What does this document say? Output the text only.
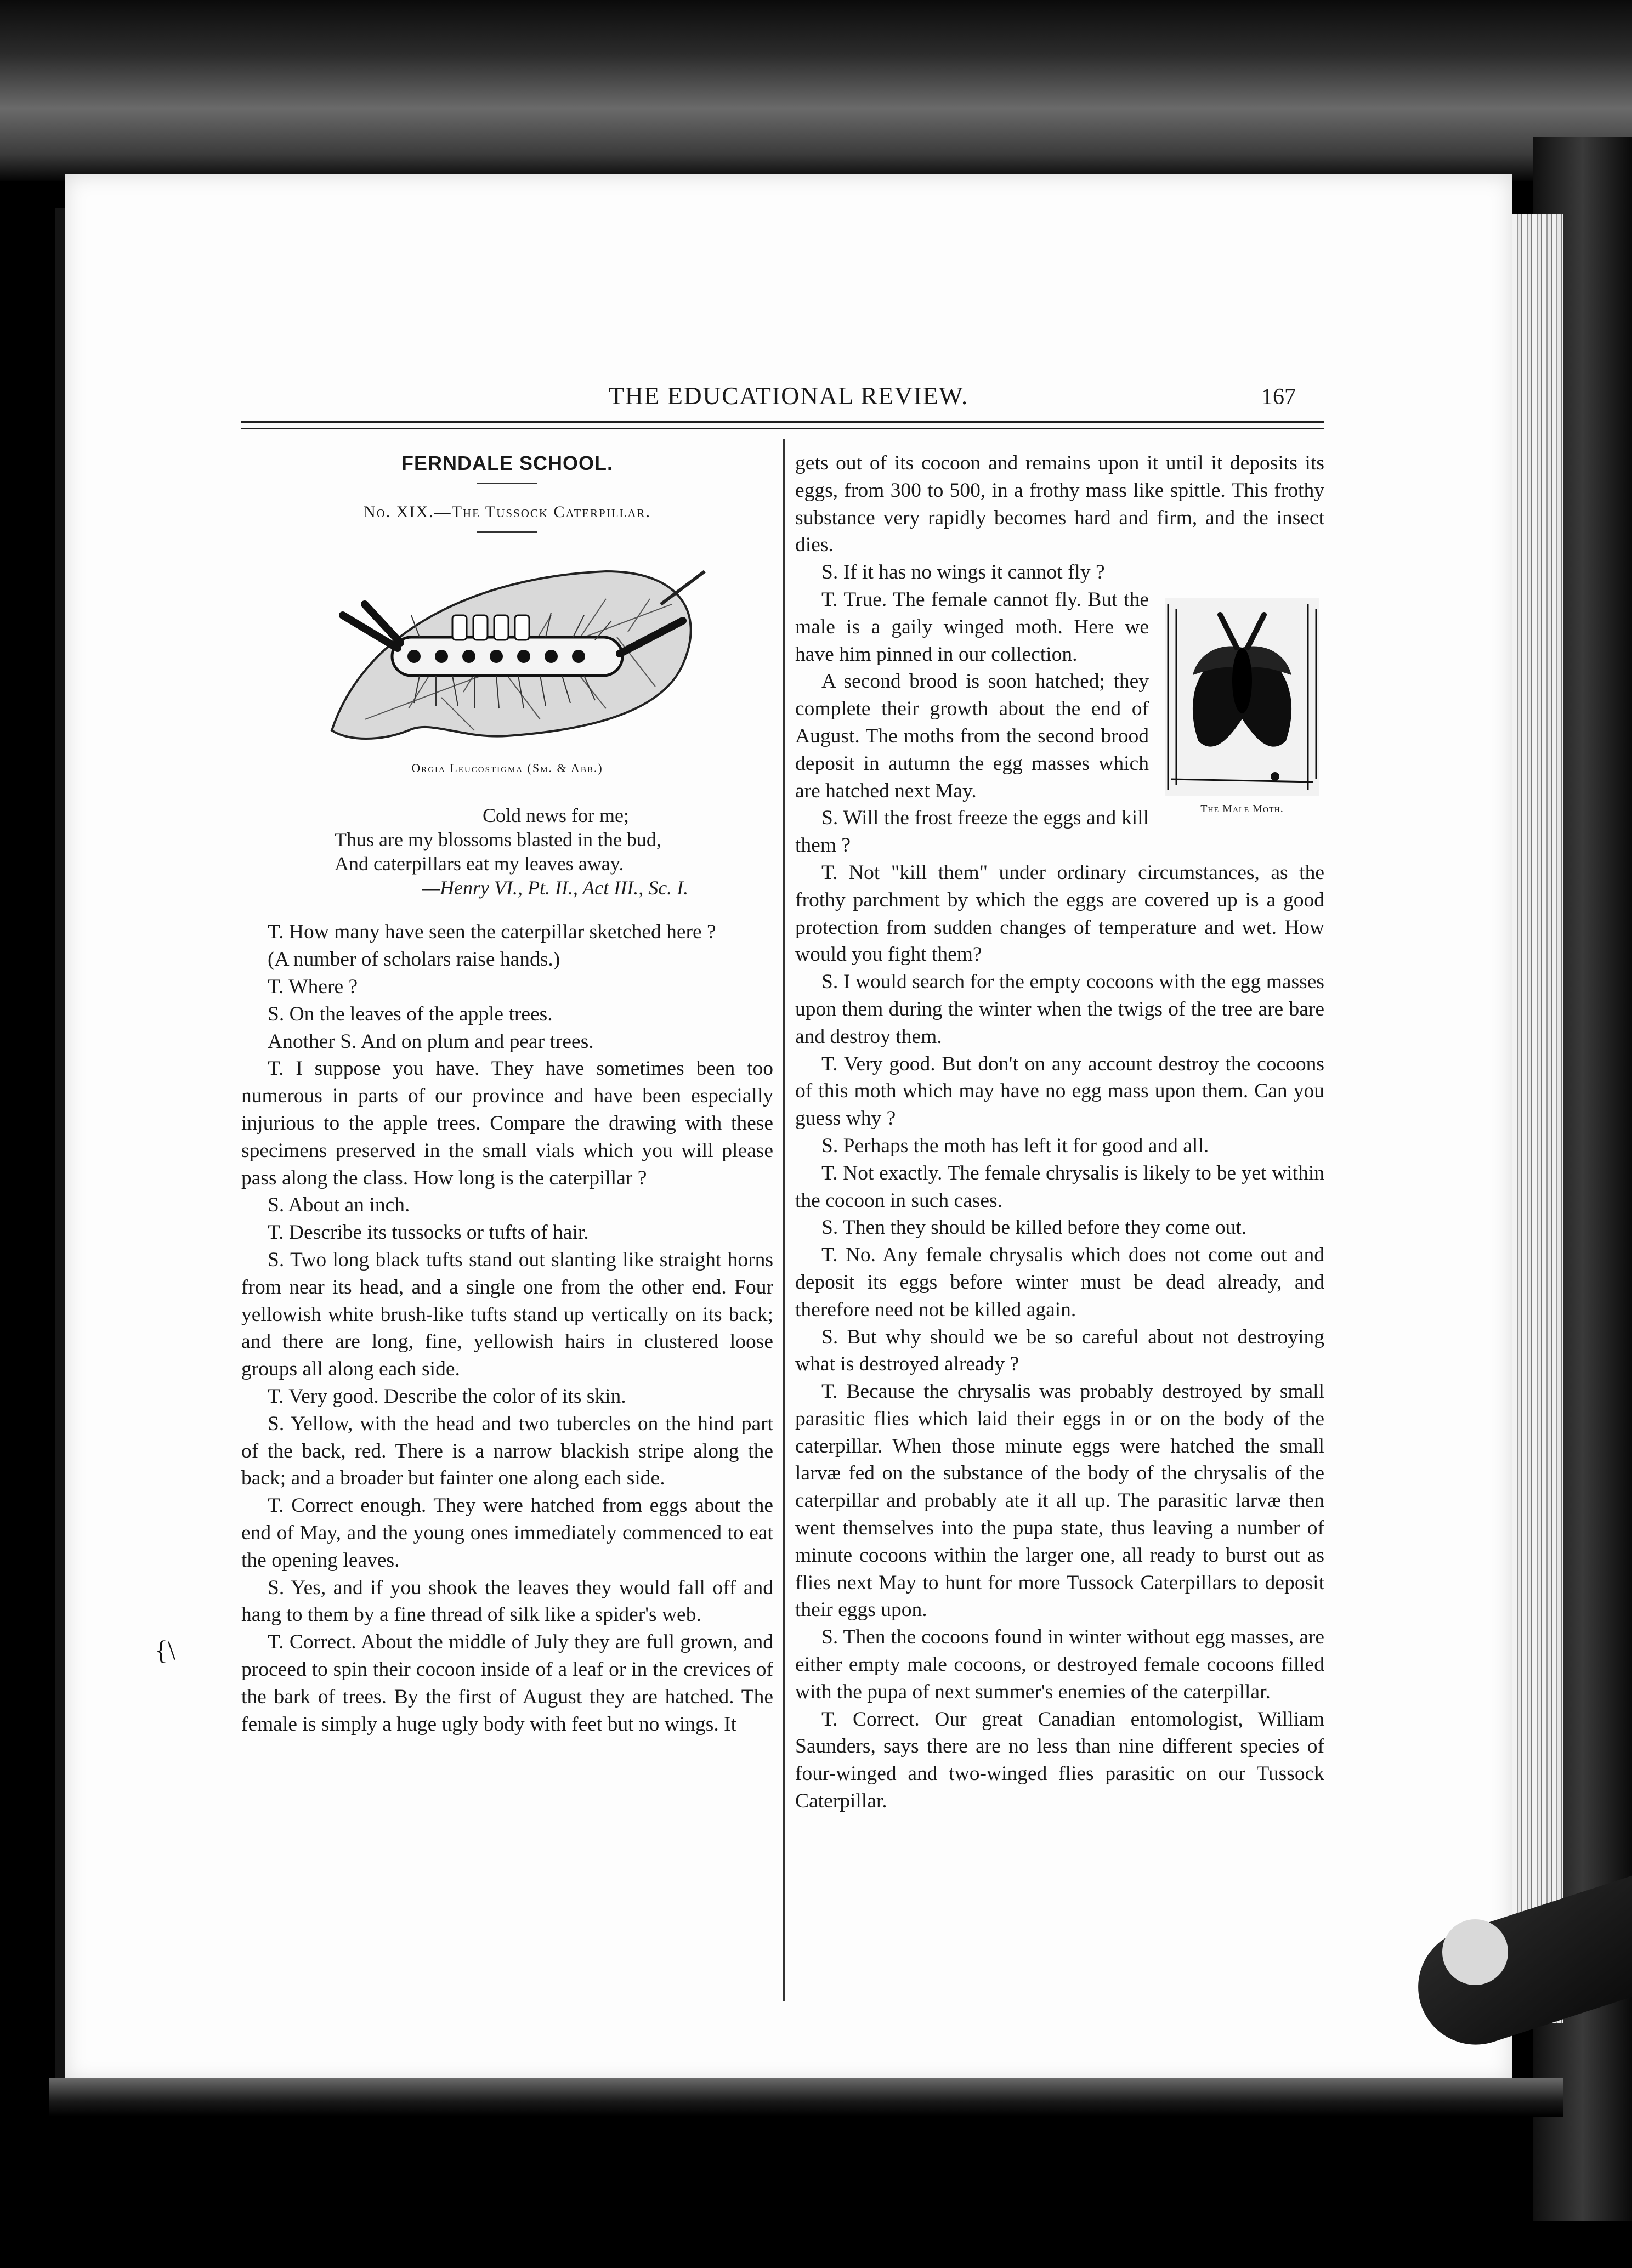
THE EDUCATIONAL REVIEW.	167
{\
FERNDALE SCHOOL.
No. XIX.—The Tussock Caterpillar.
Orgia Leucostigma (Sm. & Abb.)
Cold news for me;
Thus are my blossoms blasted in the bud,
And caterpillars eat my leaves away.
—Henry VI., Pt. II., Act III., Sc. I.

T. How many have seen the caterpillar sketched here ?

(A number of scholars raise hands.)

T. Where ?

S. On the leaves of the apple trees.

Another S. And on plum and pear trees.

T. I suppose you have. They have sometimes been too numerous in parts of our province and have been especially injurious to the apple trees. Compare the drawing with these specimens preserved in the small vials which you will please pass along the class. How long is the caterpillar ?

S. About an inch.

T. Describe its tussocks or tufts of hair.

S. Two long black tufts stand out slanting like straight horns from near its head, and a single one from the other end. Four yellowish white brush-like tufts stand up vertically on its back; and there are long, fine, yellowish hairs in clustered loose groups all along each side.

T. Very good. Describe the color of its skin.

S. Yellow, with the head and two tubercles on the hind part of the back, red. There is a narrow blackish stripe along the back; and a broader but fainter one along each side.

T. Correct enough. They were hatched from eggs about the end of May, and the young ones immediately commenced to eat the opening leaves.

S. Yes, and if you shook the leaves they would fall off and hang to them by a fine thread of silk like a spider's web.

T. Correct. About the middle of July they are full grown, and proceed to spin their cocoon inside of a leaf or in the crevices of the bark of trees. By the first of August they are hatched. The female is simply a huge ugly body with feet but no wings. It

gets out of its cocoon and remains upon it until it deposits its eggs, from 300 to 500, in a frothy mass like spittle. This frothy substance very rapidly becomes hard and firm, and the insect dies.

S. If it has no wings it cannot fly ?

The Male Moth.

T. True. The female cannot fly. But the male is a gaily winged moth. Here we have him pinned in our collection.

A second brood is soon hatched; they complete their growth about the end of August. The moths from the second brood deposit in autumn the egg masses which are hatched next May.

S. Will the frost freeze the eggs and kill them ?

T. Not "kill them" under ordinary circumstances, as the frothy parchment by which the eggs are covered up is a good protection from sudden changes of temperature and wet. How would you fight them?

S. I would search for the empty cocoons with the egg masses upon them during the winter when the twigs of the tree are bare and destroy them.

T. Very good. But don't on any account destroy the cocoons of this moth which may have no egg mass upon them. Can you guess why ?

S. Perhaps the moth has left it for good and all.

T. Not exactly. The female chrysalis is likely to be yet within the cocoon in such cases.

S. Then they should be killed before they come out.

T. No. Any female chrysalis which does not come out and deposit its eggs before winter must be dead already, and therefore need not be killed again.

S. But why should we be so careful about not destroying what is destroyed already ?

T. Because the chrysalis was probably destroyed by small parasitic flies which laid their eggs in or on the body of the caterpillar. When those minute eggs were hatched the small larvæ fed on the substance of the body of the chrysalis of the caterpillar and probably ate it all up. The parasitic larvæ then went themselves into the pupa state, thus leaving a number of minute cocoons within the larger one, all ready to burst out as flies next May to hunt for more Tussock Caterpillars to deposit their eggs upon.

S. Then the cocoons found in winter without egg masses, are either empty male cocoons, or destroyed female cocoons filled with the pupa of next summer's enemies of the caterpillar.

T. Correct. Our great Canadian entomologist, William Saunders, says there are no less than nine different species of four-winged and two-winged flies parasitic on our Tussock Caterpillar.
